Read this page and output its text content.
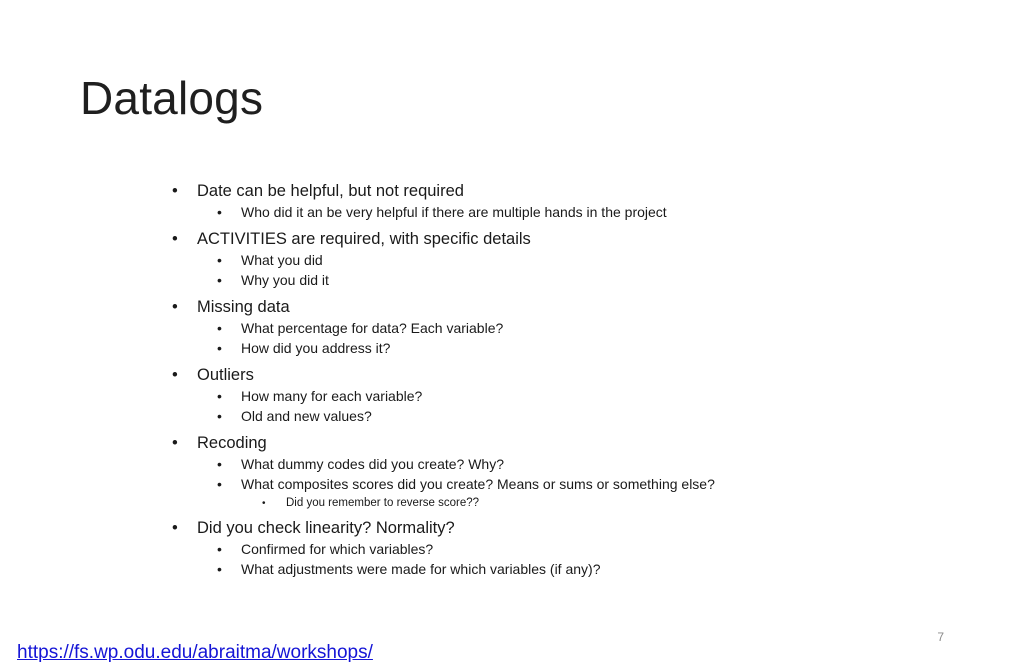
Datalogs
• Date can be helpful, but not required
• Who did it an be very helpful if there are multiple hands in the project
• ACTIVITIES are required, with specific details
• What you did
• Why you did it
• Missing data
• What percentage for data? Each variable?
• How did you address it?
• Outliers
• How many for each variable?
• Old and new values?
• Recoding
• What dummy codes did you create? Why?
• What composites scores did you create? Means or sums or something else?
• Did you remember to reverse score??
• Did you check linearity? Normality?
• Confirmed for which variables?
• What adjustments were made for which variables (if any)?
7
https://fs.wp.odu.edu/abraitma/workshops/
